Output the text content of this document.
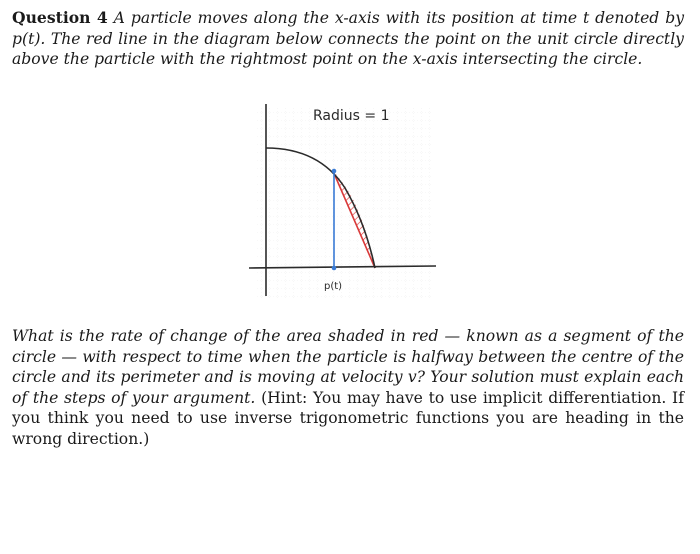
Question 4 A particle moves along the x-axis with its position at time t denoted by p(t). The red line in the diagram below connects the point on the unit circle directly above the particle with the rightmost point on the x-axis intersecting the circle.

Radius = 1
p(t)

What is the rate of change of the area shaded in red — known as a segment of the circle — with respect to time when the particle is halfway between the centre of the circle and its perimeter and is moving at velocity v? Your solution must explain each of the steps of your argument. (Hint: You may have to use implicit differentiation. If you think you need to use inverse trigonometric functions you are heading in the wrong direction.)
